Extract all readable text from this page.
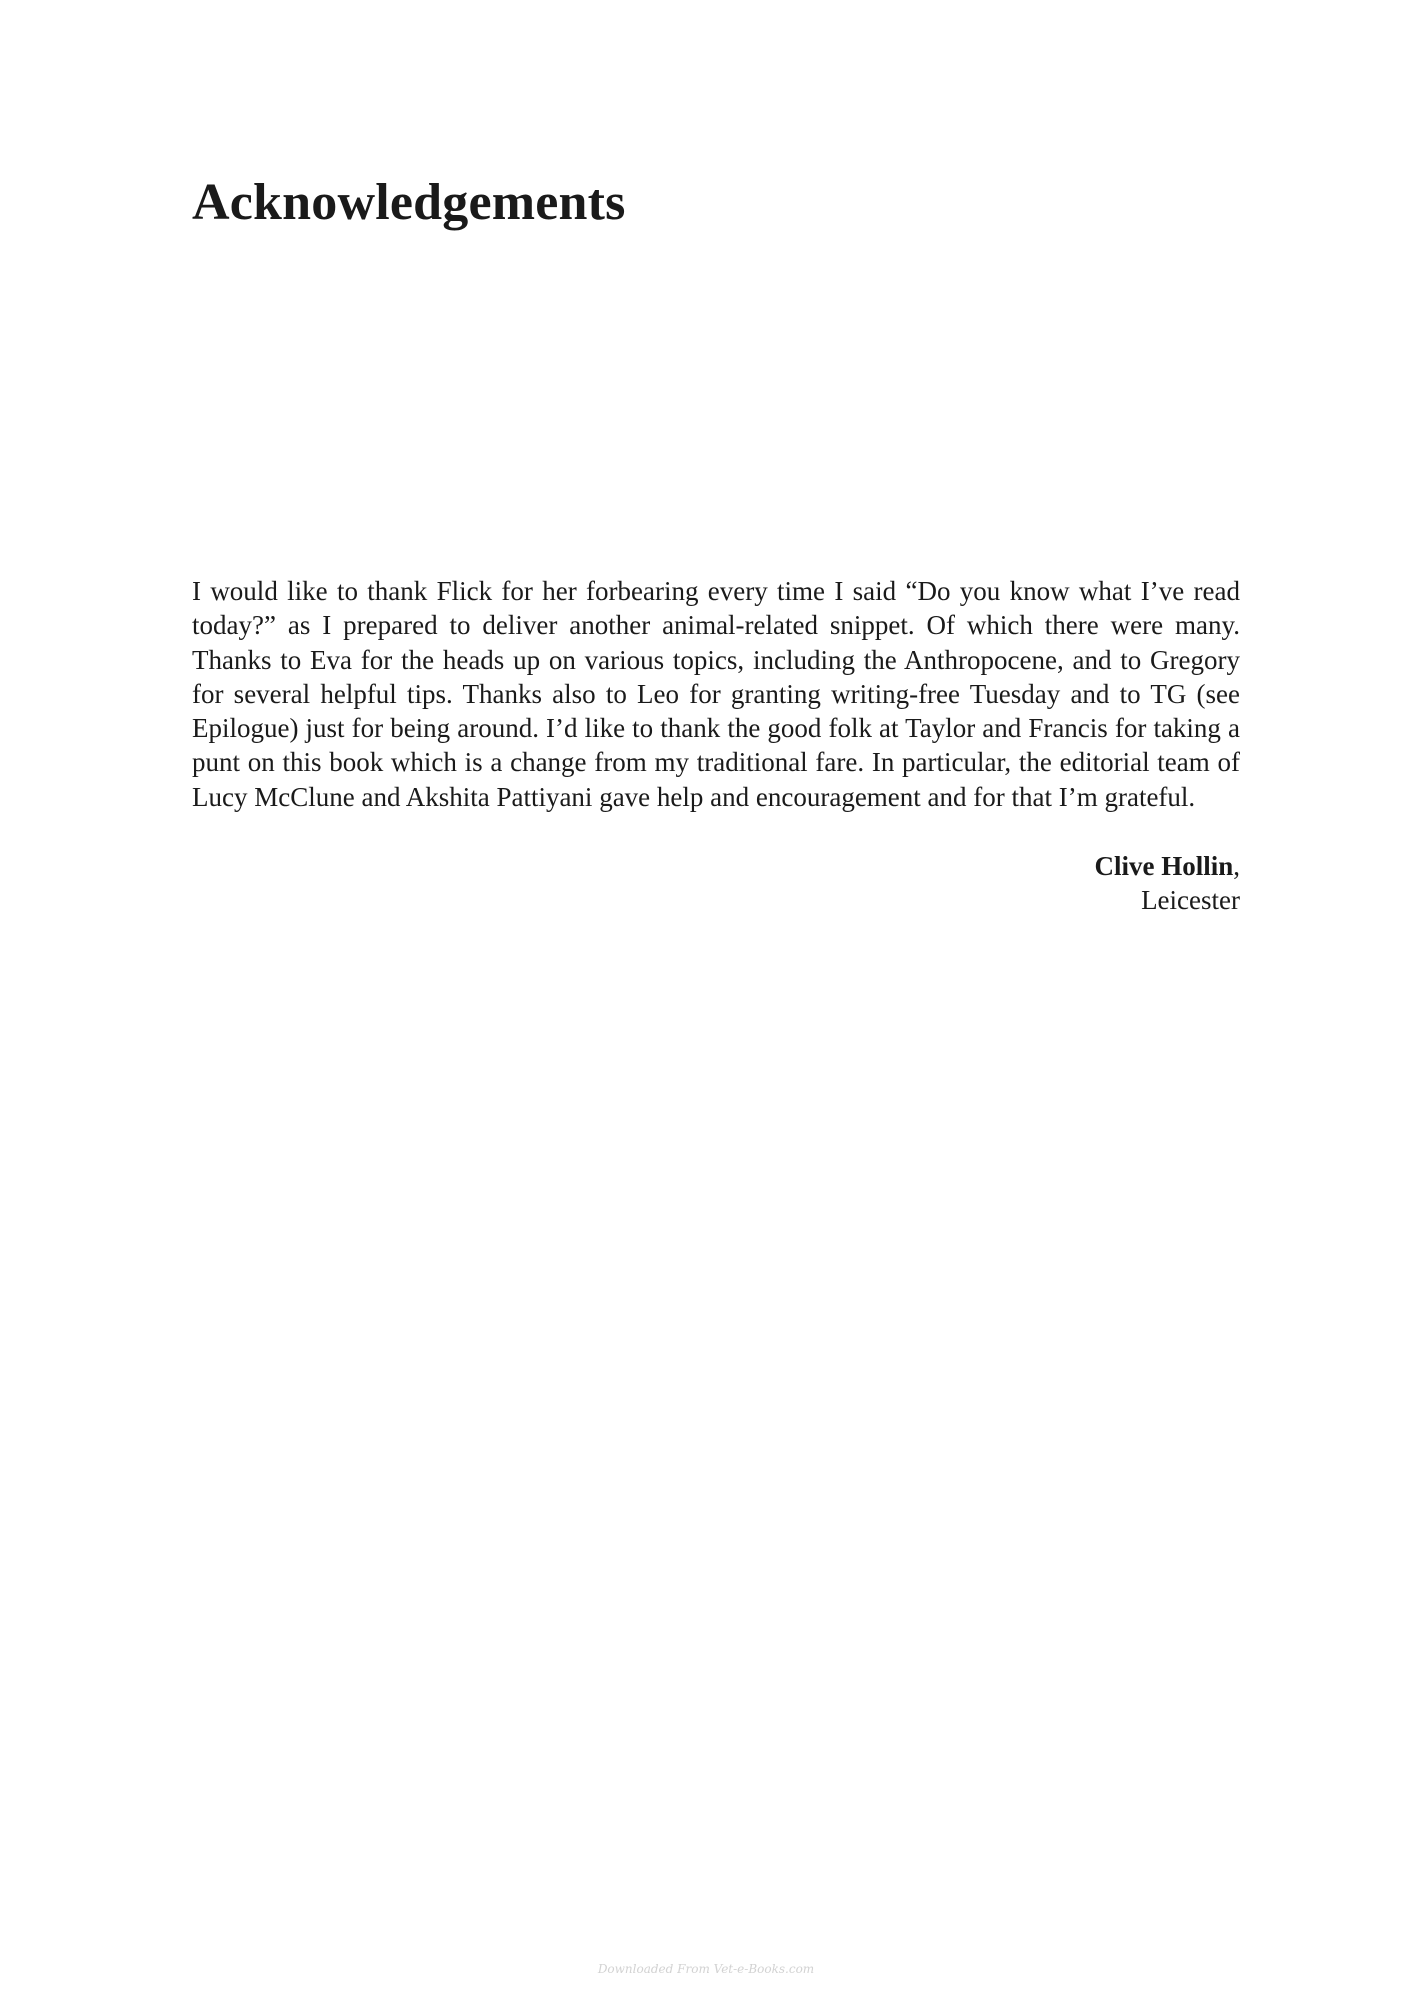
Acknowledgements

I would like to thank Flick for her forbearing every time I said “Do you know what I’ve read today?” as I prepared to deliver another animal-related snippet. Of which there were many. Thanks to Eva for the heads up on various topics, including the Anthropocene, and to Gregory for several helpful tips. Thanks also to Leo for granting writing-free Tuesday and to TG (see Epilogue) just for being around. I’d like to thank the good folk at Taylor and Francis for taking a punt on this book which is a change from my traditional fare. In particular, the editorial team of Lucy McClune and Akshita Pattiyani gave help and encouragement and for that I’m grateful.

Clive Hollin,
Leicester
Downloaded From Vet-e-Books.com
